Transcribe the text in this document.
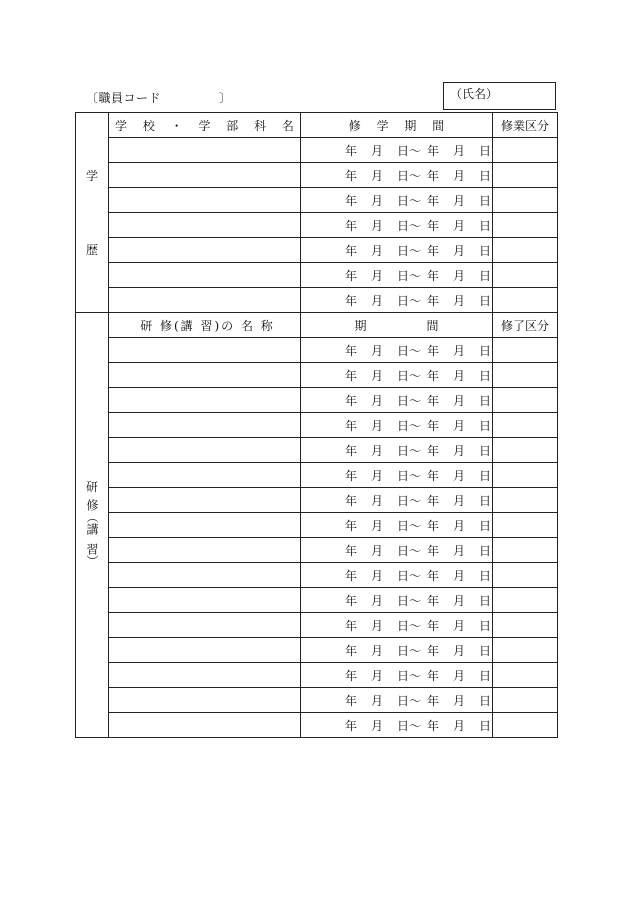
〔職員コード	〕	（氏名）
学
歴	学 校 ・ 学 部 科 名	修 学 期 間	修業区分
		年 月 日〜 年 月 日	
		年 月 日〜 年 月 日	
		年 月 日〜 年 月 日	
		年 月 日〜 年 月 日	
		年 月 日〜 年 月 日	
		年 月 日〜 年 月 日	
		年 月 日〜 年 月 日	

研
修︵講
習︶	研 修(講 習)の 名 称	期　　　　　間	修了区分
		年 月 日〜 年 月 日	
		年 月 日〜 年 月 日	
		年 月 日〜 年 月 日	
		年 月 日〜 年 月 日	
		年 月 日〜 年 月 日	
		年 月 日〜 年 月 日	
		年 月 日〜 年 月 日	
		年 月 日〜 年 月 日	
		年 月 日〜 年 月 日	
		年 月 日〜 年 月 日	
		年 月 日〜 年 月 日	
		年 月 日〜 年 月 日	
		年 月 日〜 年 月 日	
		年 月 日〜 年 月 日	
		年 月 日〜 年 月 日	
		年 月 日〜 年 月 日	
